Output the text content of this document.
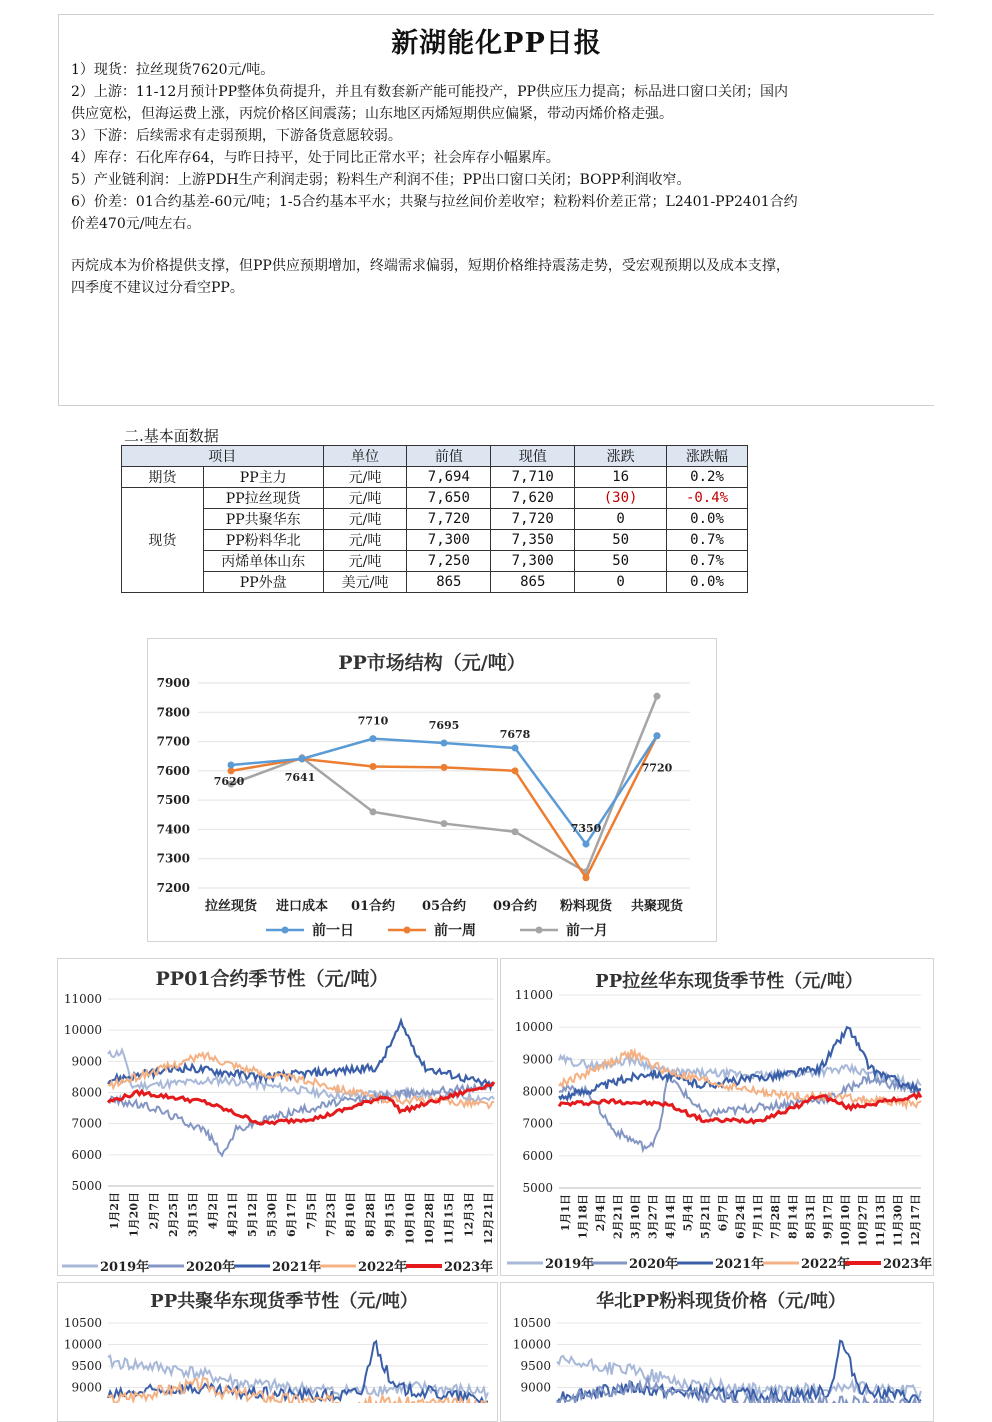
新湖能化PP日报
1）现货：拉丝现货7620元/吨。
2）上游：11-12月预计PP整体负荷提升，并且有数套新产能可能投产，PP供应压力提高；标品进口窗口关闭；国内
供应宽松，但海运费上涨，丙烷价格区间震荡；山东地区丙烯短期供应偏紧，带动丙烯价格走强。
3）下游：后续需求有走弱预期，下游备货意愿较弱。
4）库存：石化库存64，与昨日持平，处于同比正常水平；社会库存小幅累库。
5）产业链利润：上游PDH生产利润走弱；粉料生产利润不佳；PP出口窗口关闭；BOPP利润收窄。
6）价差：01合约基差-60元/吨；1-5合约基本平水；共聚与拉丝间价差收窄；粒粉料价差正常；L2401-PP2401合约
价差470元/吨左右。
丙烷成本为价格提供支撑，但PP供应预期增加，终端需求偏弱，短期价格维持震荡走势，受宏观预期以及成本支撑，
四季度不建议过分看空PP。
二.基本面数据
项目		单位	前值	现值	涨跌	涨跌幅
期货	PP主力	元/吨	7,694	7,710	16	0.2%
现货	PP拉丝现货	元/吨	7,650	7,620	(30)	-0.4%
	PP共聚华东	元/吨	7,720	7,720	0	0.0%
	PP粉料华北	元/吨	7,300	7,350	50	0.7%
	丙烯单体山东	元/吨	7,250	7,300	50	0.7%
	PP外盘	美元/吨	865	865	0	0.0%
PP市场结构（元/吨）
7900
7800
7700
7600
7500
7400
7300
7200
拉丝现货 进口成本 01合约 05合约 09合约 粉料现货 共聚现货
7620	7641
7710	7695
7678
7350
7720
前一日	前一周	前一月
PP01合约季节性（元/吨）
11000
10000
9000
8000
7000
6000
5000
1月2日 1月20日 2月7日 2月25日 3月15日 4月2日 4月21日 5月12日 5月30日 6月17日 7月5日 7月23日 8月10日 8月28日 9月15日 10月10日 10月28日 11月15日 12月3日 12月21日
2019年	2020年	2021年	2022年	2023年
PP拉丝华东现货季节性（元/吨）
11000
10000
9000
8000
7000
6000
5000
1月1日 1月18日 2月4日 2月21日 3月10日 3月27日 4月14日 5月4日 5月21日 6月7日 6月24日 7月11日 7月28日 8月14日 8月31日 9月17日 10月10日 10月27日 11月13日 11月30日 12月17日
2019年	2020年	2021年	2022年	2023年
PP共聚华东现货季节性（元/吨）
10500
10000
9500
9000
华北PP粉料现货价格（元/吨）
10500
10000
9500
9000
